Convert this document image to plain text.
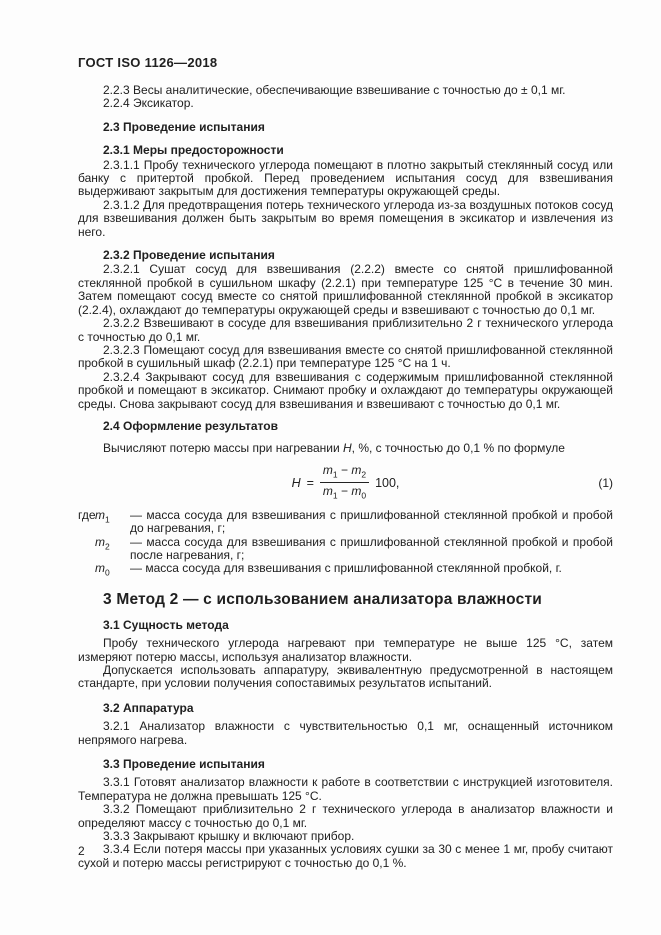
ГОСТ ISO 1126—2018

2.2.3 Весы аналитические, обеспечивающие взвешивание с точностью до ± 0,1 мг.

2.2.4 Эксикатор.

2.3 Проведение испытания

2.3.1 Меры предосторожности

2.3.1.1 Пробу технического углерода помещают в плотно закрытый стеклянный сосуд или банку с притертой пробкой. Перед проведением испытания сосуд для взвешивания выдерживают закрытым для достижения температуры окружающей среды.

2.3.1.2 Для предотвращения потерь технического углерода из-за воздушных потоков сосуд для взвешивания должен быть закрытым во время помещения в эксикатор и извлечения из него.

2.3.2 Проведение испытания

2.3.2.1 Сушат сосуд для взвешивания (2.2.2) вместе со снятой пришлифованной стеклянной пробкой в сушильном шкафу (2.2.1) при температуре 125 °С в течение 30 мин. Затем помещают сосуд вместе со снятой пришлифованной стеклянной пробкой в эксикатор (2.2.4), охлаждают до температуры окружающей среды и взвешивают с точностью до 0,1 мг.

2.3.2.2 Взвешивают в сосуде для взвешивания приблизительно 2 г технического углерода с точностью до 0,1 мг.

2.3.2.3 Помещают сосуд для взвешивания вместе со снятой пришлифованной стеклянной пробкой в сушильный шкаф (2.2.1) при температуре 125 °С на 1 ч.

2.3.2.4 Закрывают сосуд для взвешивания с содержимым пришлифованной стеклянной пробкой и помещают в эксикатор. Снимают пробку и охлаждают до температуры окружающей среды. Снова закрывают сосуд для взвешивания и взвешивают с точностью до 0,1 мг.

2.4 Оформление результатов

Вычисляют потерю массы при нагревании H, %, с точностью до 0,1 % по формуле

$H = \frac{m_1 - m_2}{m_1 - m_0} 100$,	(1)

где $m_1$ — масса сосуда для взвешивания с пришлифованной стеклянной пробкой и пробой до нагревания, г;

$m_2$ — масса сосуда для взвешивания с пришлифованной стеклянной пробкой и пробой после нагревания, г;

$m_0$ — масса сосуда для взвешивания с пришлифованной стеклянной пробкой, г.

3 Метод 2 — с использованием анализатора влажности

3.1 Сущность метода

Пробу технического углерода нагревают при температуре не выше 125 °С, затем измеряют потерю массы, используя анализатор влажности.

Допускается использовать аппаратуру, эквивалентную предусмотренной в настоящем стандарте, при условии получения сопоставимых результатов испытаний.

3.2 Аппаратура

3.2.1 Анализатор влажности с чувствительностью 0,1 мг, оснащенный источником непрямого нагрева.

3.3 Проведение испытания

3.3.1 Готовят анализатор влажности к работе в соответствии с инструкцией изготовителя. Температура не должна превышать 125 °С.

3.3.2 Помещают приблизительно 2 г технического углерода в анализатор влажности и определяют массу с точностью до 0,1 мг.

3.3.3 Закрывают крышку и включают прибор.

3.3.4 Если потеря массы при указанных условиях сушки за 30 с менее 1 мг, пробу считают сухой и потерю массы регистрируют с точностью до 0,1 %.

2
